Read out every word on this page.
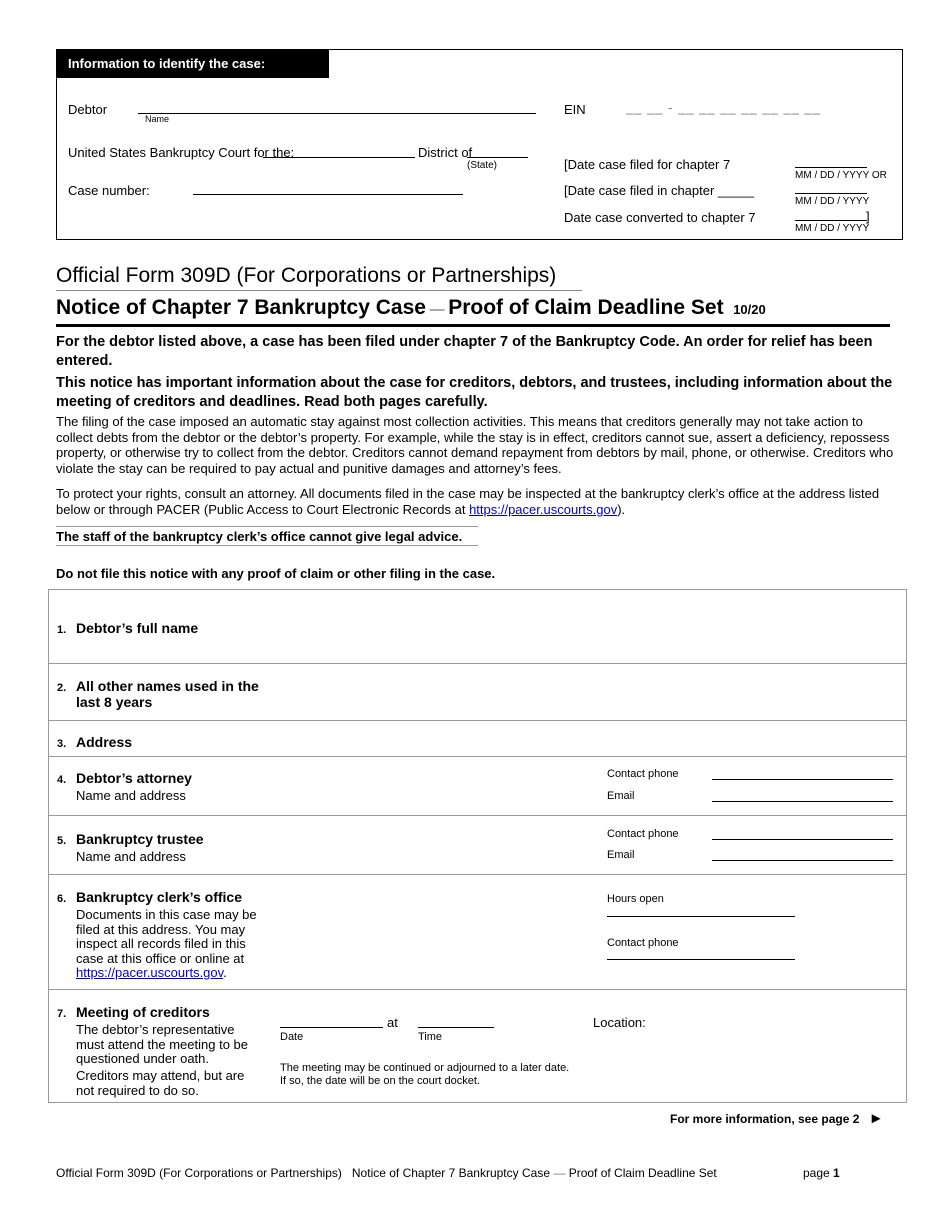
Information to identify the case:
Debtor
Name
EIN	__ __ - __ __ __ __ __ __ __
United States Bankruptcy Court for the:	District of
(State)
Case number:
[Date case filed for chapter 7
MM / DD / YYYY OR
[Date case filed in chapter _____
MM / DD / YYYY
Date case converted to chapter 7	]
MM / DD / YYYY
Official Form 309D (For Corporations or Partnerships)
Notice of Chapter 7 Bankruptcy Case — Proof of Claim Deadline Set 10/20
For the debtor listed above, a case has been filed under chapter 7 of the Bankruptcy Code. An order for relief has been entered.
This notice has important information about the case for creditors, debtors, and trustees, including information about the meeting of creditors and deadlines. Read both pages carefully.

The filing of the case imposed an automatic stay against most collection activities. This means that creditors generally may not take action to collect debts from the debtor or the debtor’s property. For example, while the stay is in effect, creditors cannot sue, assert a deficiency, repossess property, or otherwise try to collect from the debtor. Creditors cannot demand repayment from debtors by mail, phone, or otherwise. Creditors who violate the stay can be required to pay actual and punitive damages and attorney’s fees.

To protect your rights, consult an attorney. All documents filed in the case may be inspected at the bankruptcy clerk’s office at the address listed below or through PACER (Public Access to Court Electronic Records at https://pacer.uscourts.gov).

The staff of the bankruptcy clerk’s office cannot give legal advice.
Do not file this notice with any proof of claim or other filing in the case.
1. Debtor’s full name
2. All other names used in the last 8 years
3. Address
4. Debtor’s attorney
Name and address
Contact phone
Email
5. Bankruptcy trustee
Name and address
Contact phone
Email
6. Bankruptcy clerk’s office
Documents in this case may be filed at this address. You may inspect all records filed in this case at this office or online at https://pacer.uscourts.gov.
Hours open
Contact phone
7. Meeting of creditors
The debtor’s representative must attend the meeting to be questioned under oath.
Creditors may attend, but are not required to do so.
at
Date	Time
Location:
The meeting may be continued or adjourned to a later date. If so, the date will be on the court docket.
For more information, see page 2 ►
Official Form 309D (For Corporations or Partnerships) Notice of Chapter 7 Bankruptcy Case — Proof of Claim Deadline Set	page 1
